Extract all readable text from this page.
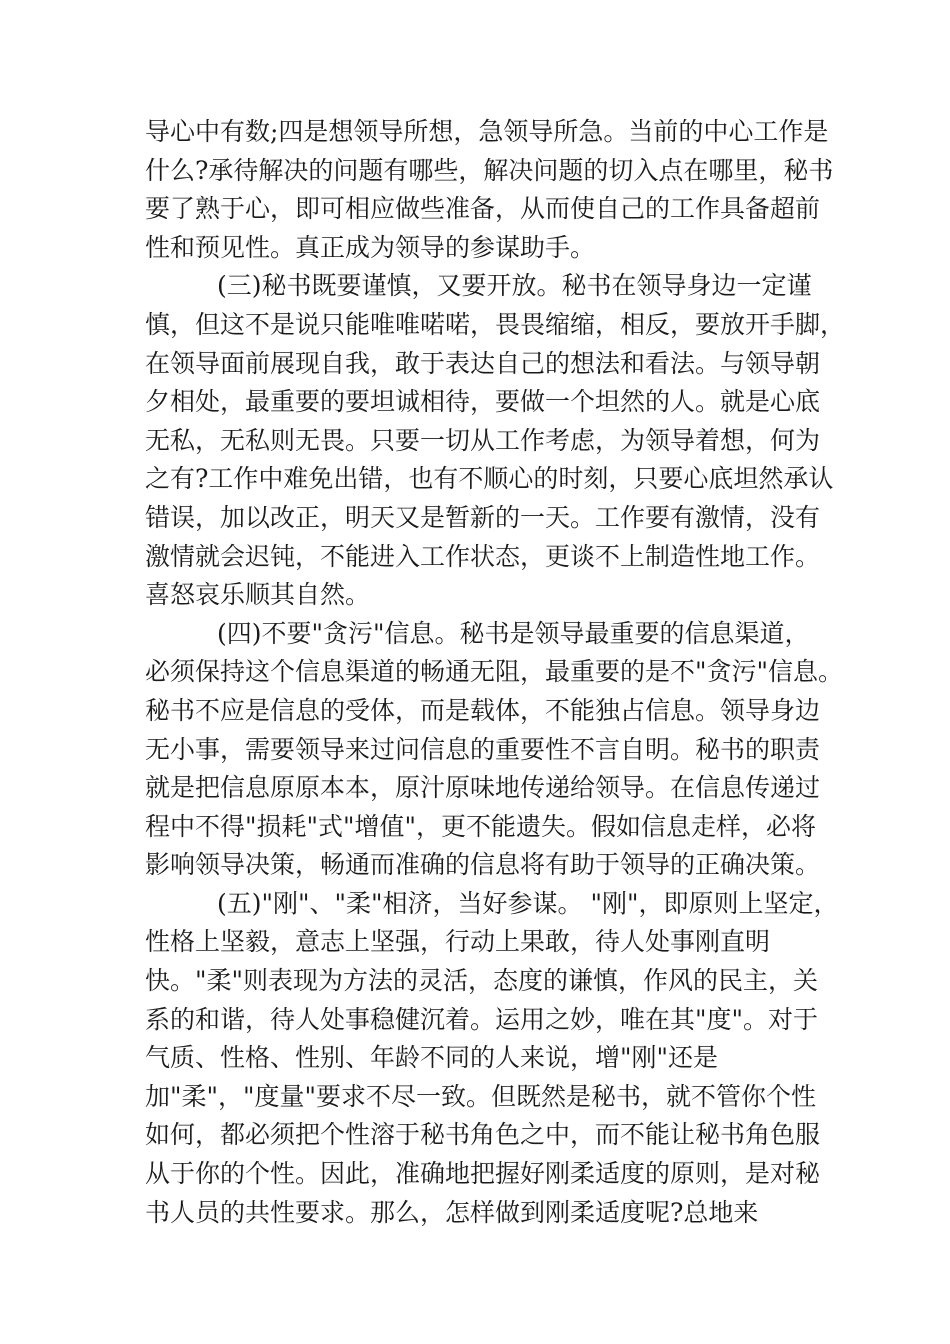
导心中有数;四是想领导所想，急领导所急。当前的中心工作是
什么?承待解决的问题有哪些，解决问题的切入点在哪里，秘书
要了熟于心，即可相应做些准备，从而使自己的工作具备超前
性和预见性。真正成为领导的参谋助手。
(三)秘书既要谨慎，又要开放。秘书在领导身边一定谨
慎，但这不是说只能唯唯喏喏，畏畏缩缩，相反，要放开手脚，
在领导面前展现自我，敢于表达自己的想法和看法。与领导朝
夕相处，最重要的要坦诚相待，要做一个坦然的人。就是心底
无私，无私则无畏。只要一切从工作考虑，为领导着想，何为
之有?工作中难免出错，也有不顺心的时刻，只要心底坦然承认
错误，加以改正，明天又是暂新的一天。工作要有激情，没有
激情就会迟钝，不能进入工作状态，更谈不上制造性地工作。
喜怒哀乐顺其自然。
(四)不要"贪污"信息。秘书是领导最重要的信息渠道，
必须保持这个信息渠道的畅通无阻，最重要的是不"贪污"信息。
秘书不应是信息的受体，而是载体，不能独占信息。领导身边
无小事，需要领导来过问信息的重要性不言自明。秘书的职责
就是把信息原原本本，原汁原味地传递给领导。在信息传递过
程中不得"损耗"式"增值"，更不能遗失。假如信息走样，必将
影响领导决策，畅通而准确的信息将有助于领导的正确决策。
(五)"刚"、"柔"相济，当好参谋。 "刚"，即原则上坚定，
性格上坚毅，意志上坚强，行动上果敢，待人处事刚直明
快。"柔"则表现为方法的灵活，态度的谦慎，作风的民主，关
系的和谐，待人处事稳健沉着。运用之妙，唯在其"度"。对于
气质、性格、性别、年龄不同的人来说，增"刚"还是
加"柔"，"度量"要求不尽一致。但既然是秘书，就不管你个性
如何，都必须把个性溶于秘书角色之中，而不能让秘书角色服
从于你的个性。因此，准确地把握好刚柔适度的原则，是对秘
书人员的共性要求。那么，怎样做到刚柔适度呢?总地来
